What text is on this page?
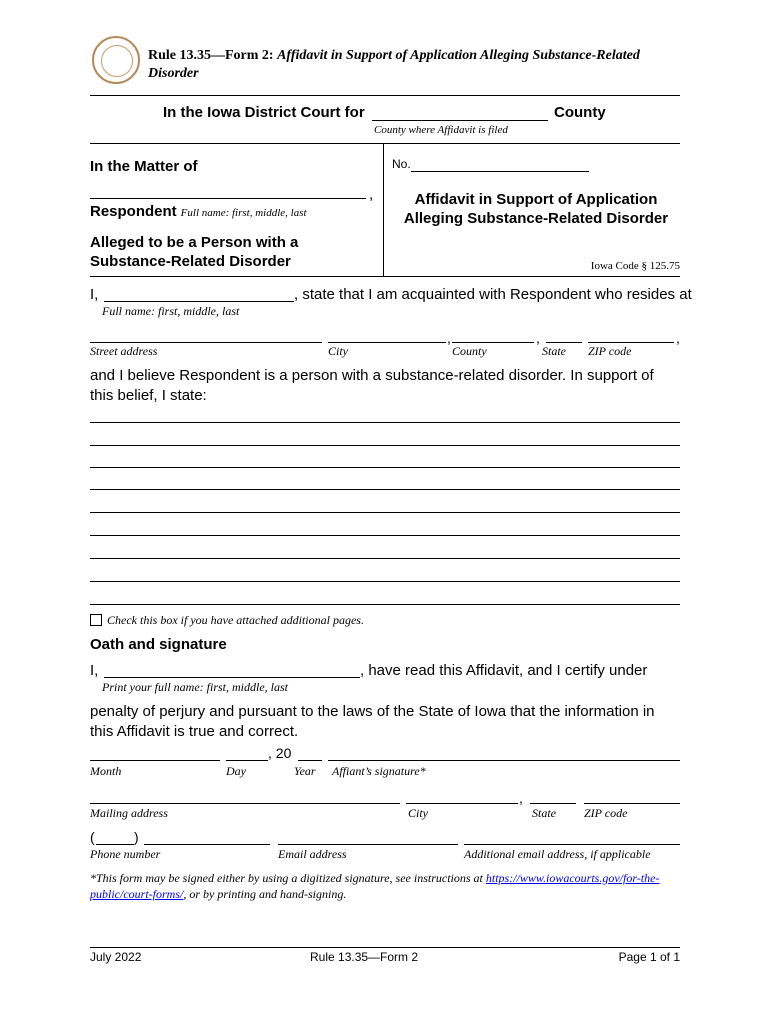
Rule 13.35—Form 2: Affidavit in Support of Application Alleging Substance-Related
Disorder
In the Iowa District Court for	County
County where Affidavit is filed
In the Matter of
,
Respondent Full name: first, middle, last
Alleged to be a Person with a Substance-Related Disorder
No.
Affidavit in Support of Application
Alleging Substance-Related Disorder
Iowa Code § 125.75
I,	, state that I am acquainted with Respondent who resides at
Full name: first, middle, last
,	,	,
Street address	City	County	State ZIP code
and I believe Respondent is a person with a substance-related disorder. In support of this belief, I state:
Check this box if you have attached additional pages.
Oath and signature
I,	, have read this Affidavit, and I certify under
Print your full name: first, middle, last
penalty of perjury and pursuant to the laws of the State of Iowa that the information in this Affidavit is true and correct.
, 20
Month	Day	Year Affiant’s signature*
,
Mailing address	City	State ZIP code
(	)
Phone number	Email address	Additional email address, if applicable
*This form may be signed either by using a digitized signature, see instructions at https://www.iowacourts.gov/for-the-public/court-forms/, or by printing and hand-signing.
July 2022	Rule 13.35—Form 2	Page 1 of 1
